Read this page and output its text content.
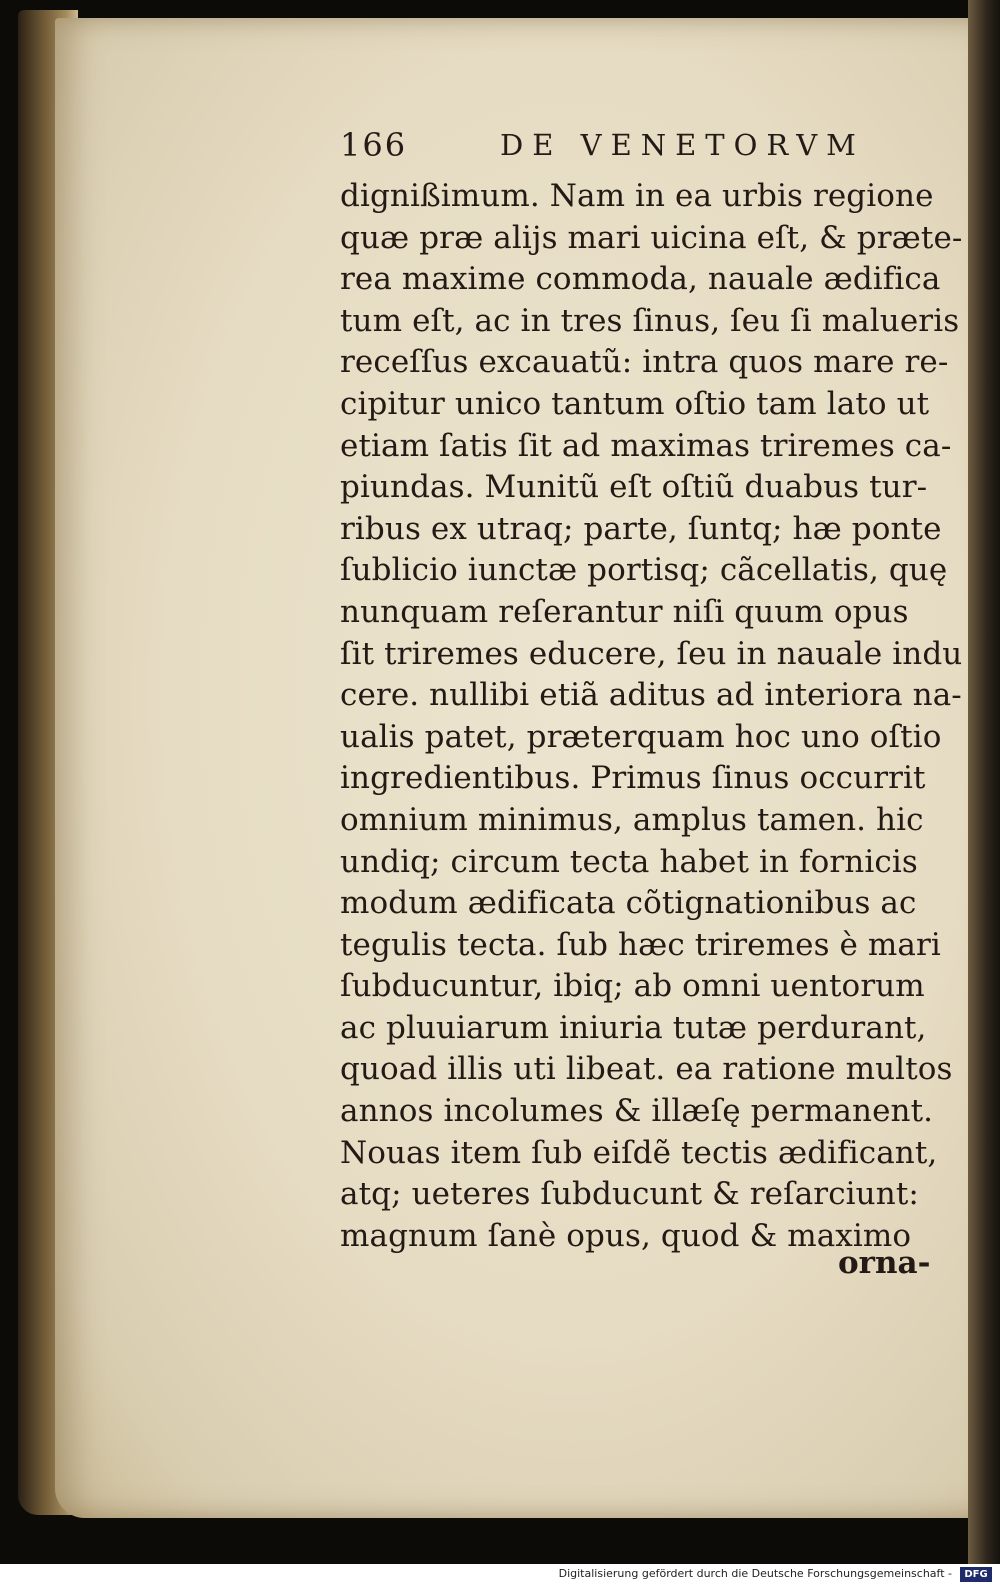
166	DE VENETORVM
dignißimum. Nam in ea urbis regione
quæ præ alijs mari uicina eſt, & præte-
rea maxime commoda, nauale ædifica
tum eſt, ac in tres ſinus, ſeu ſi malueris
receſſus excauatũ: intra quos mare re-
cipitur unico tantum oſtio tam lato ut
etiam ſatis ſit ad maximas triremes ca-
piundas. Munitũ eſt oſtiũ duabus tur-
ribus ex utraq; parte, ſuntq; hæ ponte
ſublicio iunctæ portisq; cãcellatis, quę
nunquam reſerantur niſi quum opus
ſit triremes educere, ſeu in nauale indu
cere. nullibi etiã aditus ad interiora na-
ualis patet, præterquam hoc uno oſtio
ingredientibus. Primus ſinus occurrit
omnium minimus, amplus tamen. hic
undiq; circum tecta habet in fornicis
modum ædificata cõtignationibus ac
tegulis tecta. ſub hæc triremes è mari
ſubducuntur, ibiq; ab omni uentorum
ac pluuiarum iniuria tutæ perdurant,
quoad illis uti libeat. ea ratione multos
annos incolumes & illæſę permanent.
Nouas item ſub eiſdẽ tectis ædificant,
atq; ueteres ſubducunt & reſarciunt:
magnum ſanè opus, quod & maximo
orna-
Digitalisierung gefördert durch die Deutsche Forschungsgemeinschaft -	DFG
